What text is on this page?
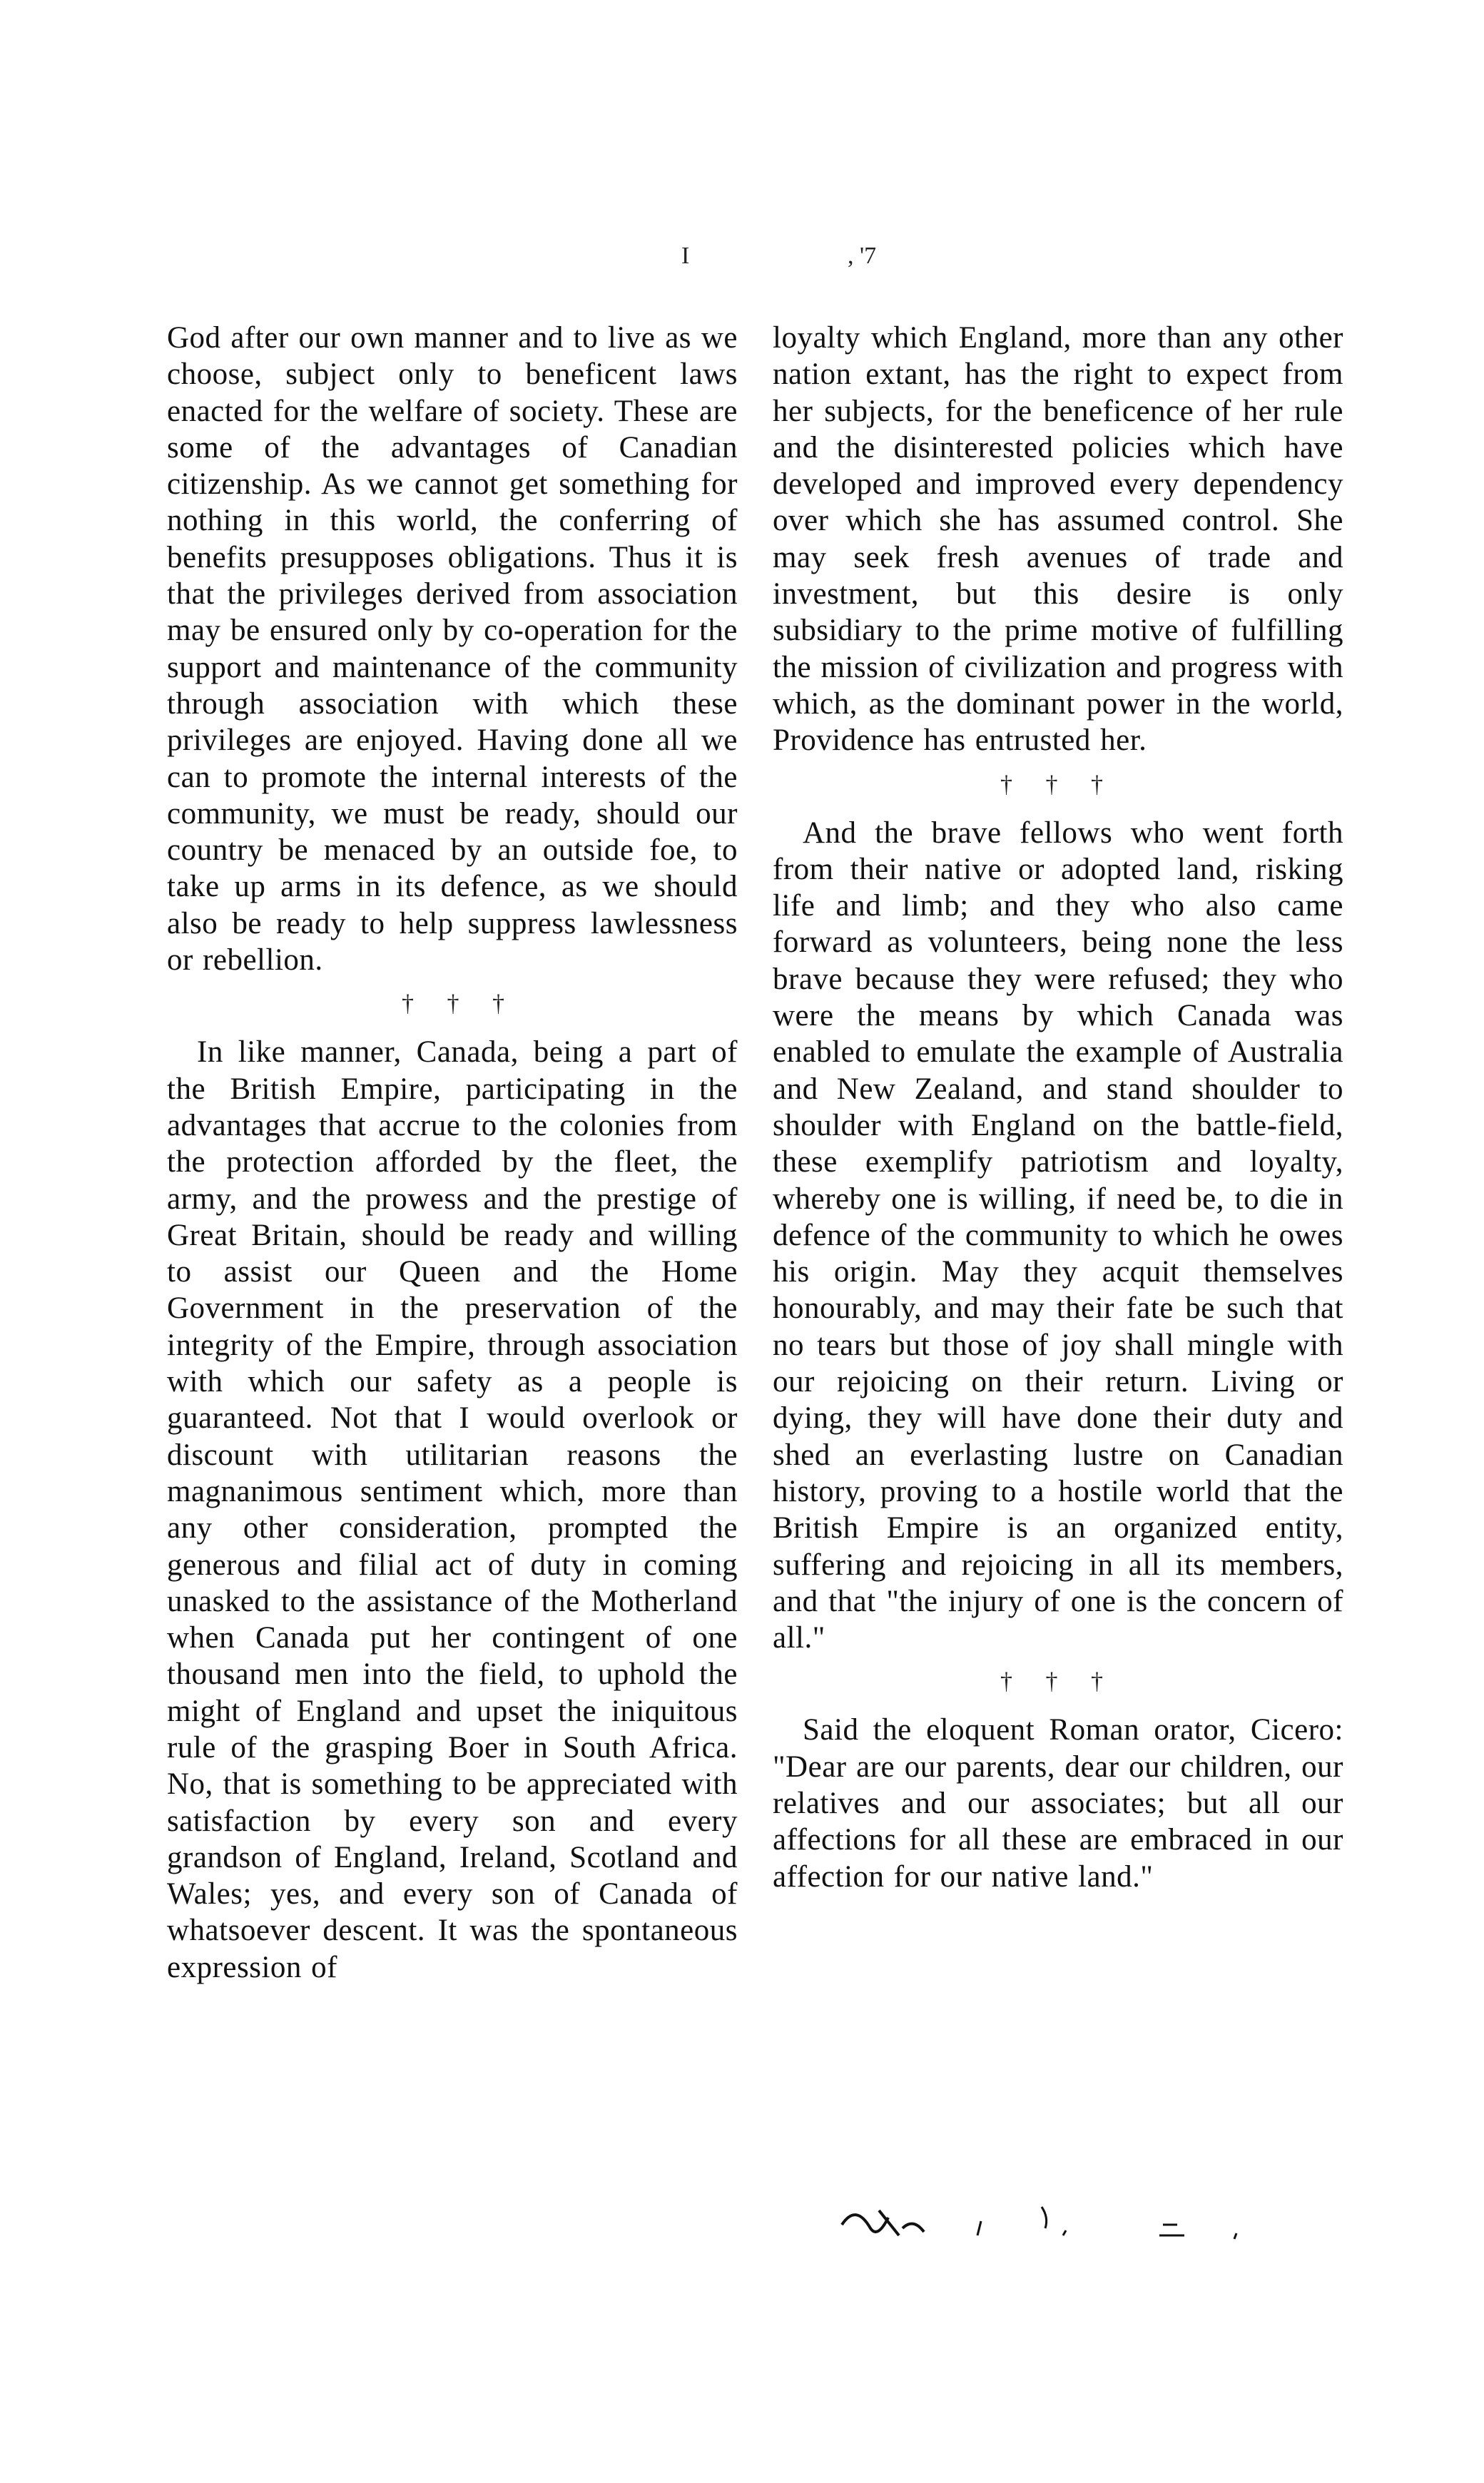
I	, '7

God after our own manner and to live as we choose, subject only to beneficent laws enacted for the welfare of society. These are some of the advantages of Canadian citizenship. As we cannot get something for nothing in this world, the conferring of benefits presupposes obligations. Thus it is that the privileges derived from association may be ensured only by co-operation for the support and maintenance of the community through association with which these privileges are enjoyed. Having done all we can to promote the internal interests of the community, we must be ready, should our country be menaced by an outside foe, to take up arms in its defence, as we should also be ready to help suppress lawlessness or rebellion.

† † †

In like manner, Canada, being a part of the British Empire, participating in the advantages that accrue to the colonies from the protection afforded by the fleet, the army, and the prowess and the prestige of Great Britain, should be ready and willing to assist our Queen and the Home Government in the preservation of the integrity of the Empire, through association with which our safety as a people is guaranteed. Not that I would overlook or discount with utilitarian reasons the magnanimous sentiment which, more than any other consideration, prompted the generous and filial act of duty in coming unasked to the assistance of the Motherland when Canada put her contingent of one thousand men into the field, to uphold the might of England and upset the iniquitous rule of the grasping Boer in South Africa. No, that is something to be appreciated with satisfaction by every son and every grandson of England, Ireland, Scotland and Wales; yes, and every son of Canada of whatsoever descent. It was the spontaneous expression of

loyalty which England, more than any other nation extant, has the right to expect from her subjects, for the beneficence of her rule and the disinterested policies which have developed and improved every dependency over which she has assumed control. She may seek fresh avenues of trade and investment, but this desire is only subsidiary to the prime motive of fulfilling the mission of civilization and progress with which, as the dominant power in the world, Providence has entrusted her.

† † †

And the brave fellows who went forth from their native or adopted land, risking life and limb; and they who also came forward as volunteers, being none the less brave because they were refused; they who were the means by which Canada was enabled to emulate the example of Australia and New Zealand, and stand shoulder to shoulder with England on the battle-field, these exemplify patriotism and loyalty, whereby one is willing, if need be, to die in defence of the community to which he owes his origin. May they acquit themselves honourably, and may their fate be such that no tears but those of joy shall mingle with our rejoicing on their return. Living or dying, they will have done their duty and shed an everlasting lustre on Canadian history, proving to a hostile world that the British Empire is an organized entity, suffering and rejoicing in all its members, and that "the injury of one is the concern of all."

† † †

Said the eloquent Roman orator, Cicero: "Dear are our parents, dear our children, our relatives and our associates; but all our affections for all these are embraced in our affection for our native land."
